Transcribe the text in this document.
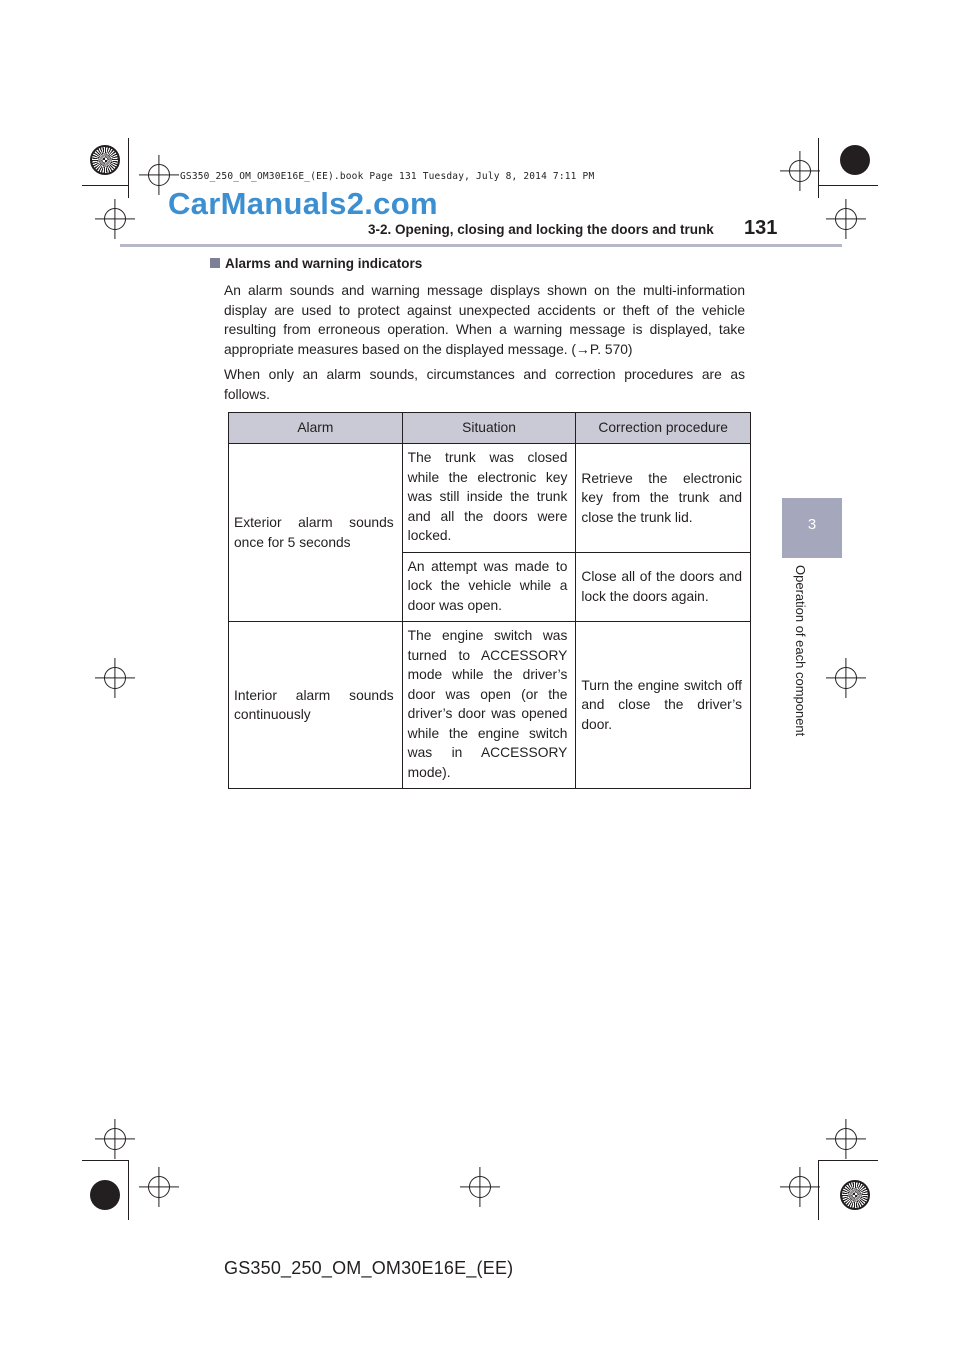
GS350_250_OM_OM30E16E_(EE).book Page 131 Tuesday, July 8, 2014 7:11 PM
CarManuals2.com
3-2. Opening, closing and locking the doors and trunk 131
3
Operation of each component
Alarms and warning indicators

An alarm sounds and warning message displays shown on the multi-information display are used to protect against unexpected accidents or theft of the vehicle resulting from erroneous operation. When a warning message is displayed, take appropriate measures based on the displayed message. (→P. 570)

When only an alarm sounds, circumstances and correction procedures are as follows.

Alarm	Situation	Correction procedure
Exterior alarm sounds once for 5 seconds	The trunk was closed while the electronic key was still inside the trunk and all the doors were locked.	Retrieve the electronic key from the trunk and close the trunk lid.
	An attempt was made to lock the vehicle while a door was open.	Close all of the doors and lock the doors again.
Interior alarm sounds continuously	The engine switch was turned to ACCESSORY mode while the driver’s door was open (or the driver’s door was opened while the engine switch was in ACCESSORY mode).	Turn the engine switch off and close the driver’s door.
GS350_250_OM_OM30E16E_(EE)
